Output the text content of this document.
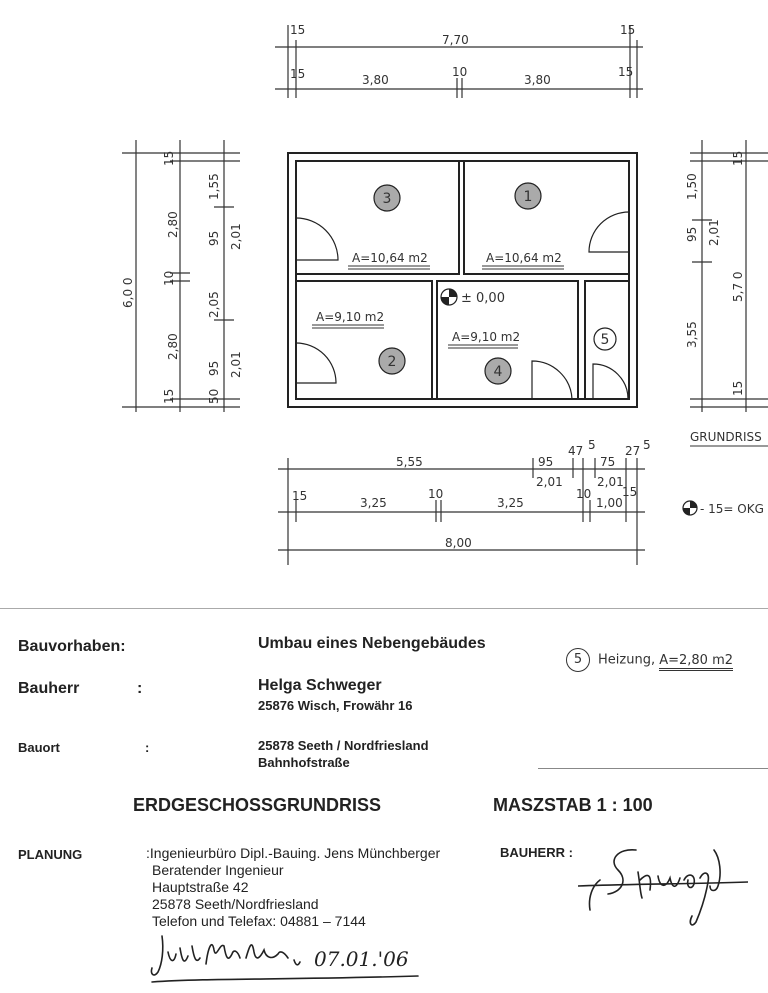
3	1
2
4
5
± 0,00
- 15= OKG
GRUNDRISS
A=10,64 m2	A=10,64 m2
A=9,10 m2
A=9,10 m2
15
7,70
15
15	3,80
10
3,80
15
6,0 0
15
2,80
10
2,80
15
1,55
95 2,01
2,05
95 2,01
50
1,50
95 2,01
5,7 0
3,55
15
15
5,55	95
2,01
47 5
75
2,01
27 5
15	3,25
10
3,25
10
1,00
15
8,00
5 Heizung, A=2,80 m2
Bauvorhaben:	Umbau eines Nebengebäudes
Bauherr	:	Helga Schweger
25876 Wisch, Frowähr 16
Bauort	:	25878 Seeth / Nordfriesland
Bahnhofstraße
ERDGESCHOSSGRUNDRISS	MASZSTAB 1 : 100
PLANUNG	:Ingenieurbüro Dipl.-Bauing. Jens Münchberger
Beratender Ingenieur
Hauptstraße 42
25878 Seeth/Nordfriesland
Telefon und Telefax: 04881 – 7144
BAUHERR :
07.01.'06
